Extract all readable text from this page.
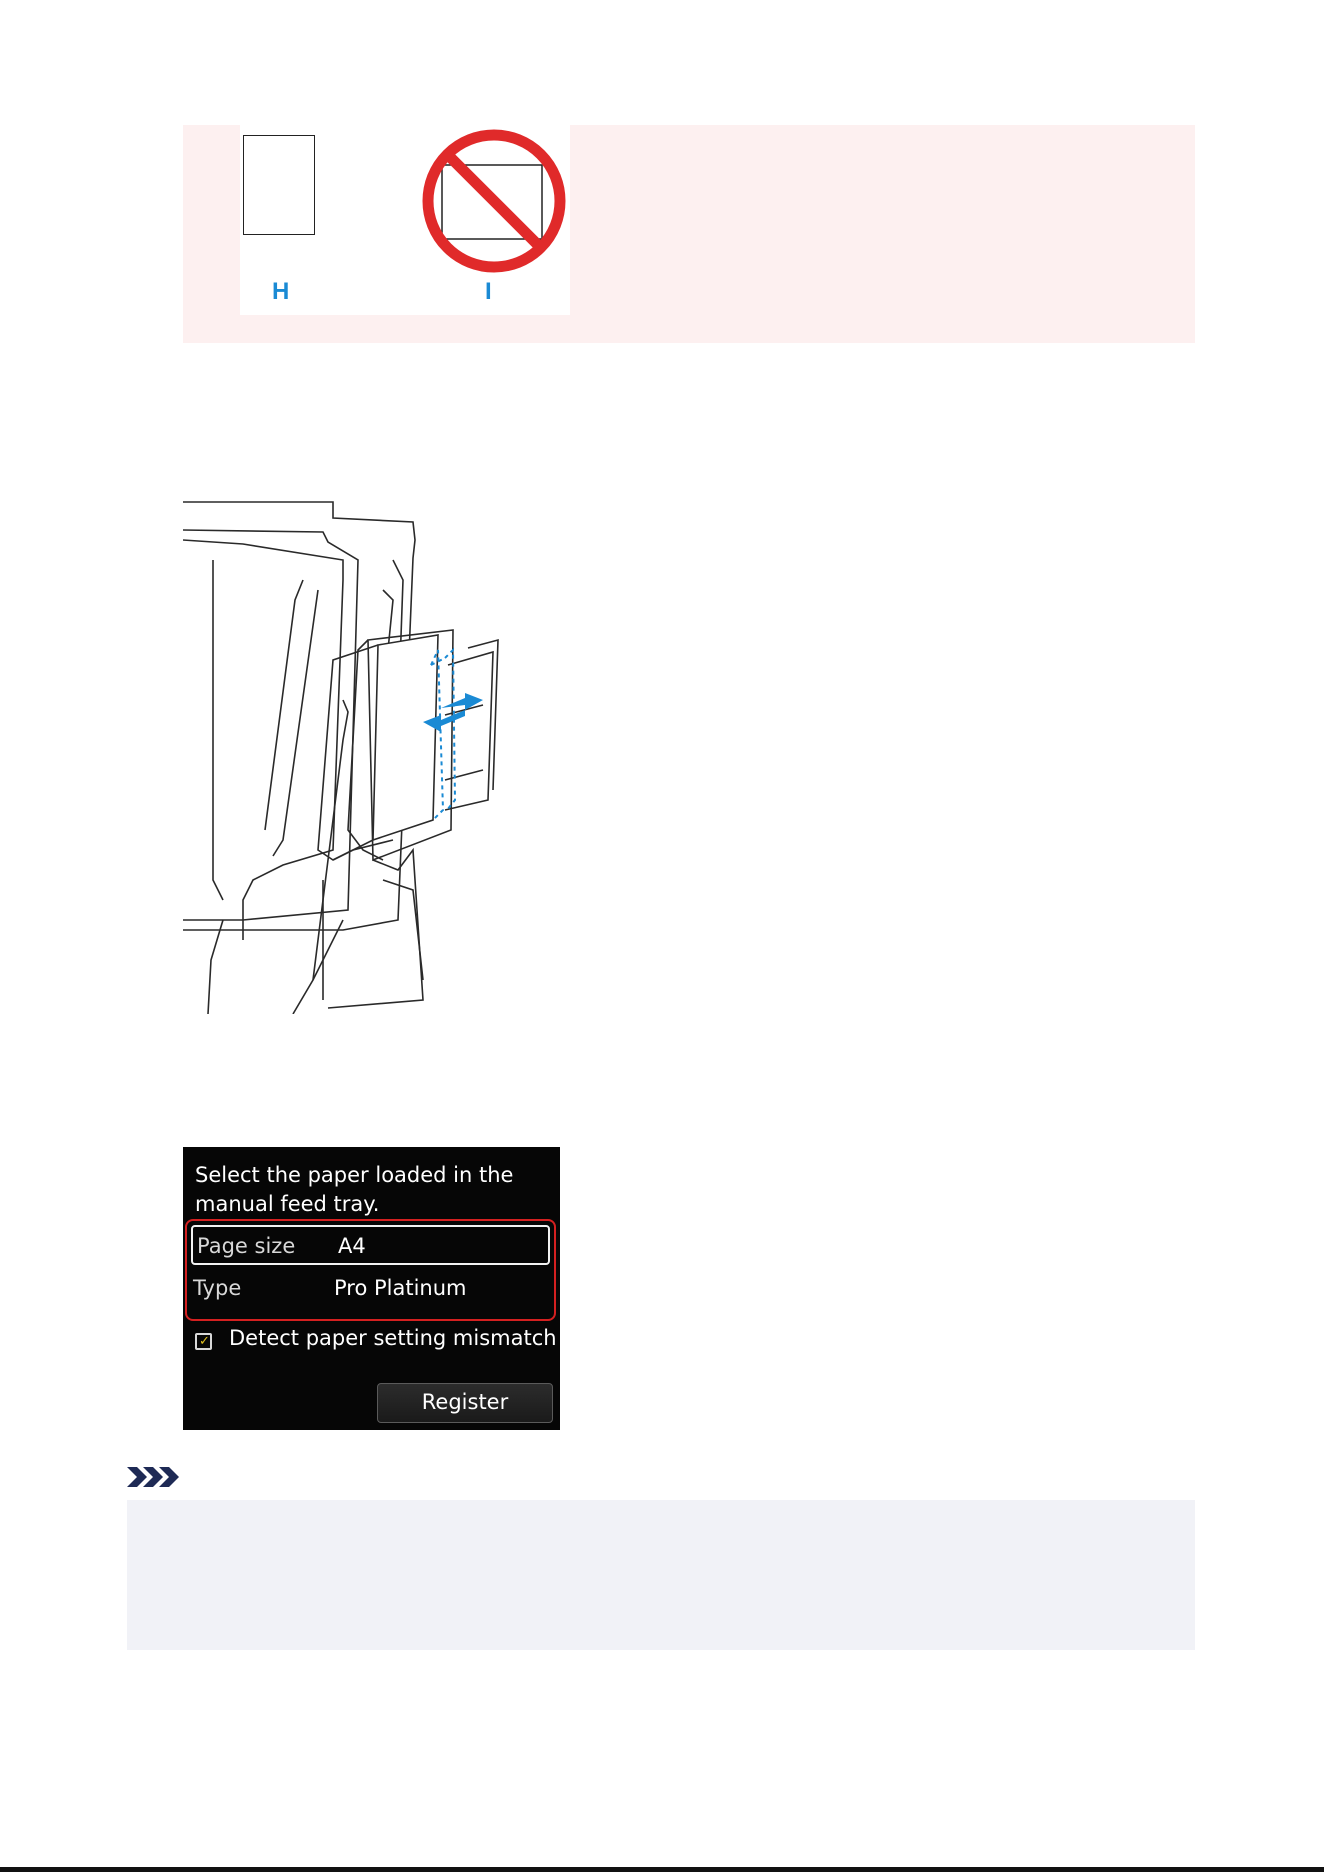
H	I
Select the paper loaded in the manual feed tray.
Page size A4
Type	Pro Platinum
✓ Detect paper setting mismatch
Register
